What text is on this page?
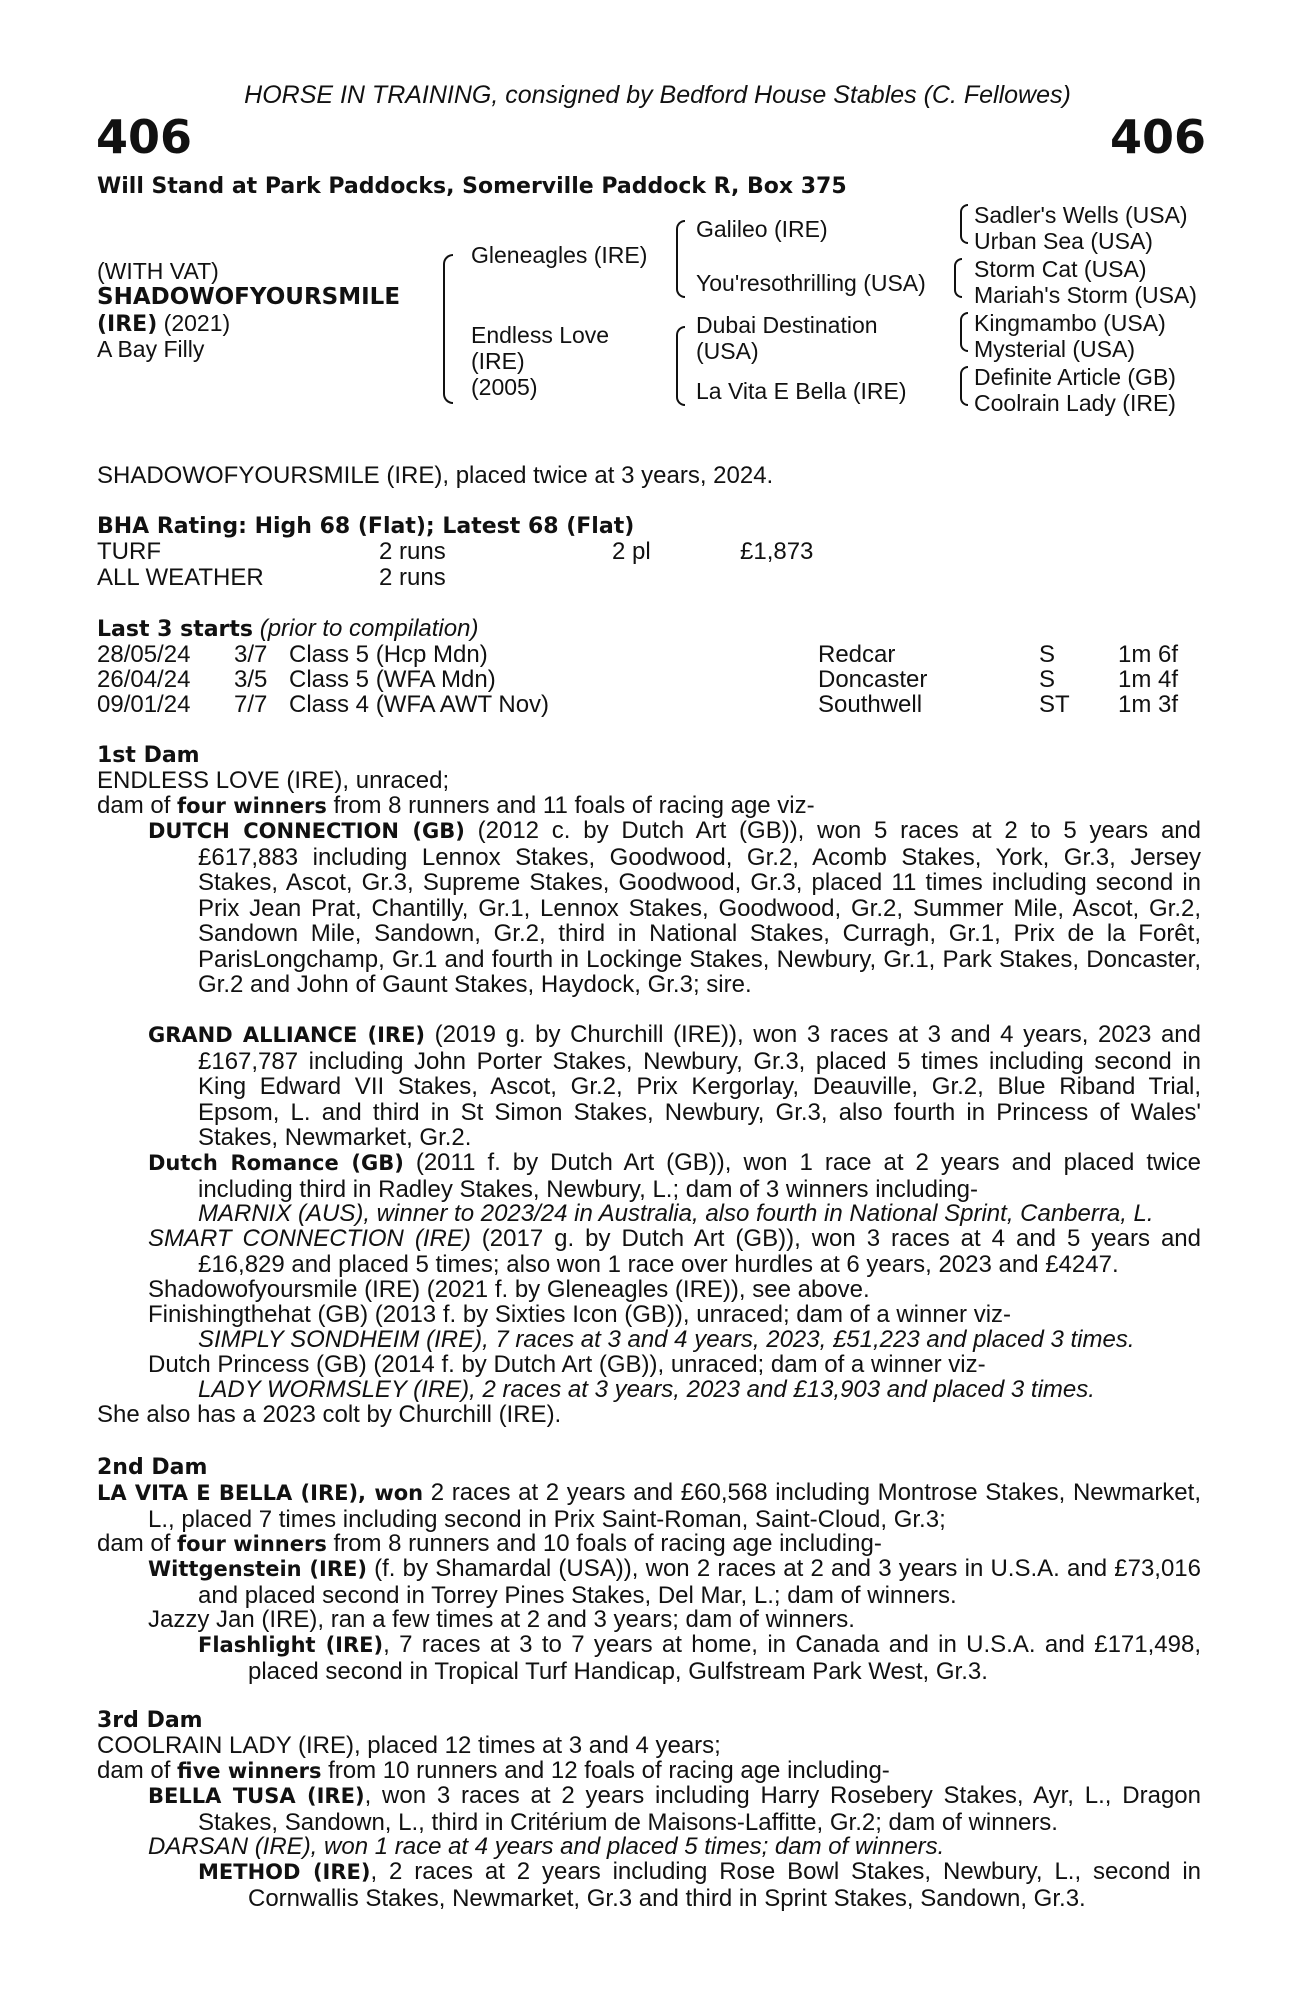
HORSE IN TRAINING, consigned by Bedford House Stables (C. Fellowes)
406	406
Will Stand at Park Paddocks, Somerville Paddock R, Box 375
(WITH VAT)
SHADOWOFYOURSMILE
(IRE) (2021)
A Bay Filly
Gleneagles (IRE)
Endless Love
(IRE)
(2005)
Galileo (IRE)
You'resothrilling (USA)
Dubai Destination
(USA)
La Vita E Bella (IRE)
Sadler's Wells (USA)
Urban Sea (USA)
Storm Cat (USA)
Mariah's Storm (USA)
Kingmambo (USA)
Mysterial (USA)
Definite Article (GB)
Coolrain Lady (IRE)
SHADOWOFYOURSMILE (IRE), placed twice at 3 years, 2024.
BHA Rating: High 68 (Flat); Latest 68 (Flat)
TURF	2 runs	2 pl	£1,873
ALL WEATHER	2 runs
Last 3 starts (prior to compilation)
28/05/24 3/7 Class 5 (Hcp Mdn)	Redcar	S	1m 6f
26/04/24 3/5 Class 5 (WFA Mdn)	Doncaster	S	1m 4f
09/01/24 7/7 Class 4 (WFA AWT Nov)	Southwell	ST 1m 3f
1st Dam
ENDLESS LOVE (IRE), unraced;
dam of four winners from 8 runners and 11 foals of racing age viz-
DUTCH CONNECTION (GB) (2012 c. by Dutch Art (GB)), won 5 races at 2 to 5 years and £617,883 including Lennox Stakes, Goodwood, Gr.2, Acomb Stakes, York, Gr.3, Jersey Stakes, Ascot, Gr.3, Supreme Stakes, Goodwood, Gr.3, placed 11 times including second in Prix Jean Prat, Chantilly, Gr.1, Lennox Stakes, Goodwood, Gr.2, Summer Mile, Ascot, Gr.2, Sandown Mile, Sandown, Gr.2, third in National Stakes, Curragh, Gr.1, Prix de la Forêt, ParisLongchamp, Gr.1 and fourth in Lockinge Stakes, Newbury, Gr.1, Park Stakes, Doncaster, Gr.2 and John of Gaunt Stakes, Haydock, Gr.3; sire.
GRAND ALLIANCE (IRE) (2019 g. by Churchill (IRE)), won 3 races at 3 and 4 years, 2023 and £167,787 including John Porter Stakes, Newbury, Gr.3, placed 5 times including second in King Edward VII Stakes, Ascot, Gr.2, Prix Kergorlay, Deauville, Gr.2, Blue Riband Trial, Epsom, L. and third in St Simon Stakes, Newbury, Gr.3, also fourth in Princess of Wales' Stakes, Newmarket, Gr.2.
Dutch Romance (GB) (2011 f. by Dutch Art (GB)), won 1 race at 2 years and placed twice including third in Radley Stakes, Newbury, L.; dam of 3 winners including-
MARNIX (AUS), winner to 2023/24 in Australia, also fourth in National Sprint, Canberra, L.
SMART CONNECTION (IRE) (2017 g. by Dutch Art (GB)), won 3 races at 4 and 5 years and £16,829 and placed 5 times; also won 1 race over hurdles at 6 years, 2023 and £4247.
Shadowofyoursmile (IRE) (2021 f. by Gleneagles (IRE)), see above.
Finishingthehat (GB) (2013 f. by Sixties Icon (GB)), unraced; dam of a winner viz-
SIMPLY SONDHEIM (IRE), 7 races at 3 and 4 years, 2023, £51,223 and placed 3 times.
Dutch Princess (GB) (2014 f. by Dutch Art (GB)), unraced; dam of a winner viz-
LADY WORMSLEY (IRE), 2 races at 3 years, 2023 and £13,903 and placed 3 times.
She also has a 2023 colt by Churchill (IRE).
2nd Dam
LA VITA E BELLA (IRE), won 2 races at 2 years and £60,568 including Montrose Stakes, Newmarket, L., placed 7 times including second in Prix Saint-Roman, Saint-Cloud, Gr.3;
dam of four winners from 8 runners and 10 foals of racing age including-
Wittgenstein (IRE) (f. by Shamardal (USA)), won 2 races at 2 and 3 years in U.S.A. and £73,016 and placed second in Torrey Pines Stakes, Del Mar, L.; dam of winners.
Jazzy Jan (IRE), ran a few times at 2 and 3 years; dam of winners.
Flashlight (IRE), 7 races at 3 to 7 years at home, in Canada and in U.S.A. and £171,498, placed second in Tropical Turf Handicap, Gulfstream Park West, Gr.3.
3rd Dam
COOLRAIN LADY (IRE), placed 12 times at 3 and 4 years;
dam of five winners from 10 runners and 12 foals of racing age including-
BELLA TUSA (IRE), won 3 races at 2 years including Harry Rosebery Stakes, Ayr, L., Dragon Stakes, Sandown, L., third in Critérium de Maisons-Laffitte, Gr.2; dam of winners.
DARSAN (IRE), won 1 race at 4 years and placed 5 times; dam of winners.
METHOD (IRE), 2 races at 2 years including Rose Bowl Stakes, Newbury, L., second in Cornwallis Stakes, Newmarket, Gr.3 and third in Sprint Stakes, Sandown, Gr.3.
